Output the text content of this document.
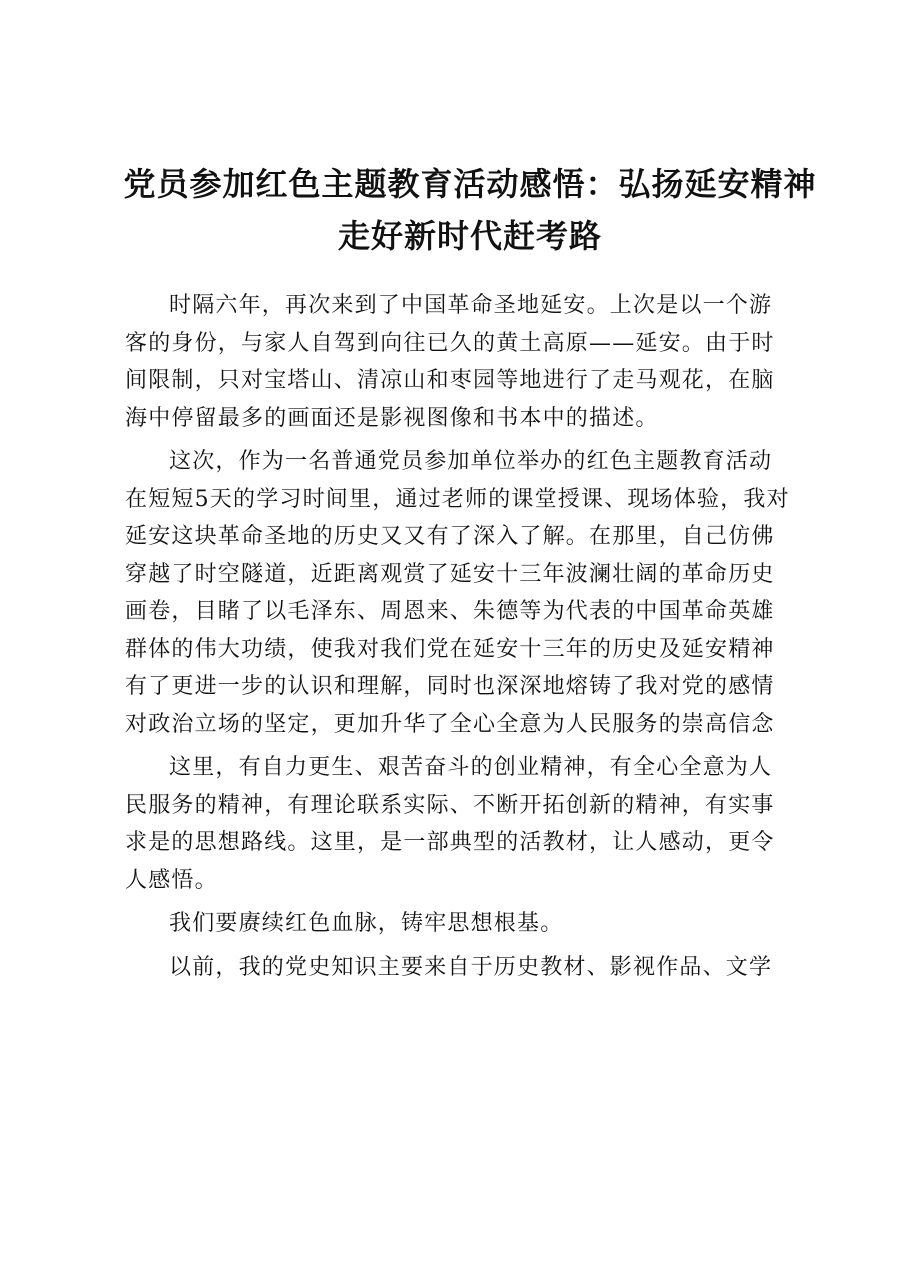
党员参加红色主题教育活动感悟：弘扬延安精神
走好新时代赶考路
时隔六年，再次来到了中国革命圣地延安。上次是以一个游
客的身份，与家人自驾到向往已久的黄土高原——延安。由于时
间限制，只对宝塔山、清凉山和枣园等地进行了走马观花，在脑
海中停留最多的画面还是影视图像和书本中的描述。
这次，作为一名普通党员参加单位举办的红色主题教育活动
在短短5天的学习时间里，通过老师的课堂授课、现场体验，我对
延安这块革命圣地的历史又又有了深入了解。在那里，自己仿佛
穿越了时空隧道，近距离观赏了延安十三年波澜壮阔的革命历史
画卷，目睹了以毛泽东、周恩来、朱德等为代表的中国革命英雄
群体的伟大功绩，使我对我们党在延安十三年的历史及延安精神
有了更进一步的认识和理解，同时也深深地熔铸了我对党的感情
对政治立场的坚定，更加升华了全心全意为人民服务的崇高信念
这里，有自力更生、艰苦奋斗的创业精神，有全心全意为人
民服务的精神，有理论联系实际、不断开拓创新的精神，有实事
求是的思想路线。这里，是一部典型的活教材，让人感动，更令
人感悟。
我们要赓续红色血脉，铸牢思想根基。
以前，我的党史知识主要来自于历史教材、影视作品、文学
